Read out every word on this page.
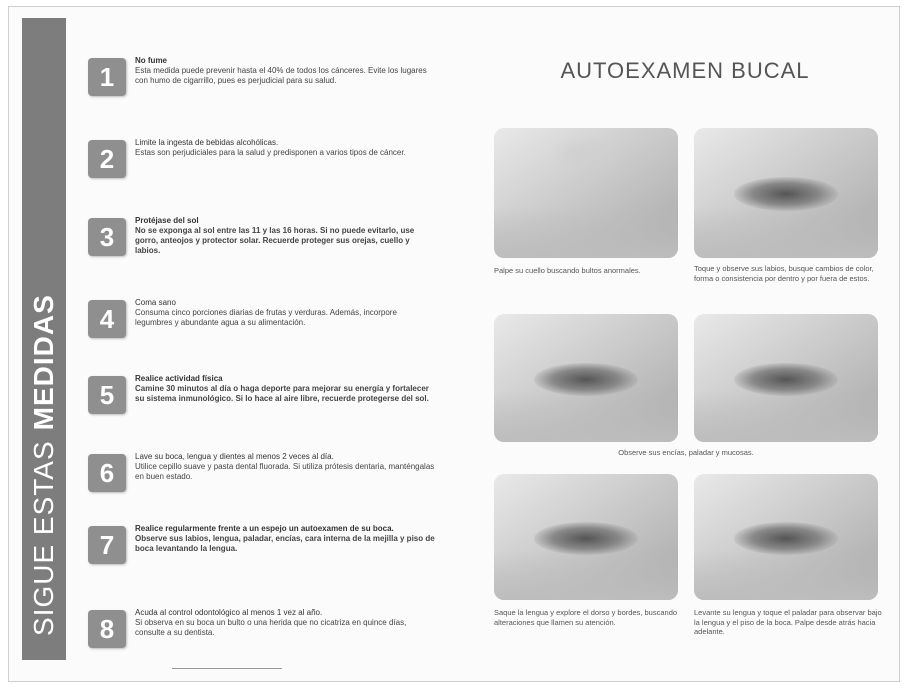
SIGUE ESTAS
MEDIDAS
1
No fume
Esta medida puede prevenir hasta el 40% de todos los cánceres. Evite los lugares con humo de cigarrillo, pues es perjudicial para su salud.
2
Limite la ingesta de bebidas alcohólicas.
Estas son perjudiciales para la salud y predisponen a varios tipos de cáncer.
3
Protéjase del sol
No se exponga al sol entre las 11 y las 16 horas. Si no puede evitarlo, use gorro, anteojos y protector solar. Recuerde proteger sus orejas, cuello y labios.
4
Coma sano
Consuma cinco porciones diarias de frutas y verduras. Además, incorpore legumbres y abundante agua a su alimentación.
5
Realice actividad física
Camine 30 minutos al día o haga deporte para mejorar su energía y fortalecer su sistema inmunológico. Si lo hace al aire libre, recuerde protegerse del sol.
6
Lave su boca, lengua y dientes al menos 2 veces al día.
Utilice cepillo suave y pasta dental fluorada. Si utiliza prótesis dentaria, manténgalas en buen estado.
7
Realice regularmente frente a un espejo un autoexamen de su boca.
Observe sus labios, lengua, paladar, encías, cara interna de la mejilla y piso de boca levantando la lengua.
8
Acuda al control odontológico al menos 1 vez al año.
Si observa en su boca un bulto o una herida que no cicatriza en quince días, consulte a su dentista.
AUTOEXAMEN BUCAL
Palpe su cuello buscando bultos anormales.	Toque y observe sus labios, busque cambios de color, forma o consistencia por dentro y por fuera de estos.
Observe sus encías, paladar y mucosas.
Saque la lengua y explore el dorso y bordes, buscando alteraciones que llamen su atención.
Levante su lengua y toque el paladar para observar bajo la lengua y el piso de la boca. Palpe desde atrás hacia adelante.
